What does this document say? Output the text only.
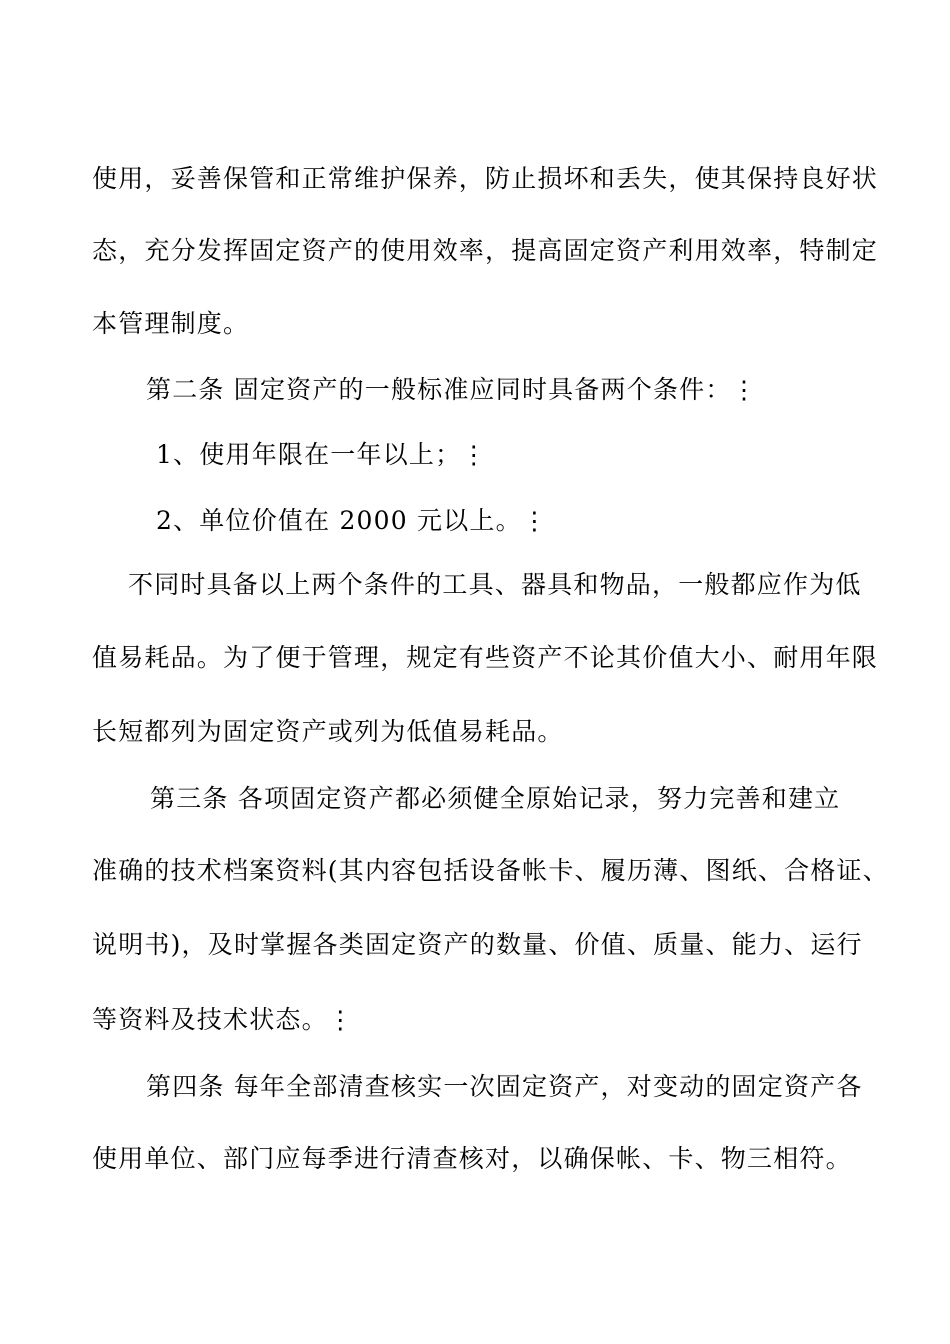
使用，妥善保管和正常维护保养，防止损坏和丢失，使其保持良好状
态，充分发挥固定资产的使用效率，提高固定资产利用效率，特制定
本管理制度。
第二条 固定资产的一般标准应同时具备两个条件：⋮
1、使用年限在一年以上；⋮
2、单位价值在 2000 元以上。⋮
不同时具备以上两个条件的工具、器具和物品，一般都应作为低
值易耗品。为了便于管理，规定有些资产不论其价值大小、耐用年限
长短都列为固定资产或列为低值易耗品。
第三条 各项固定资产都必须健全原始记录，努力完善和建立
准确的技术档案资料(其内容包括设备帐卡、履历薄、图纸、合格证、
说明书)，及时掌握各类固定资产的数量、价值、质量、能力、运行
等资料及技术状态。⋮
第四条 每年全部清查核实一次固定资产，对变动的固定资产各
使用单位、部门应每季进行清查核对，以确保帐、卡、物三相符。
